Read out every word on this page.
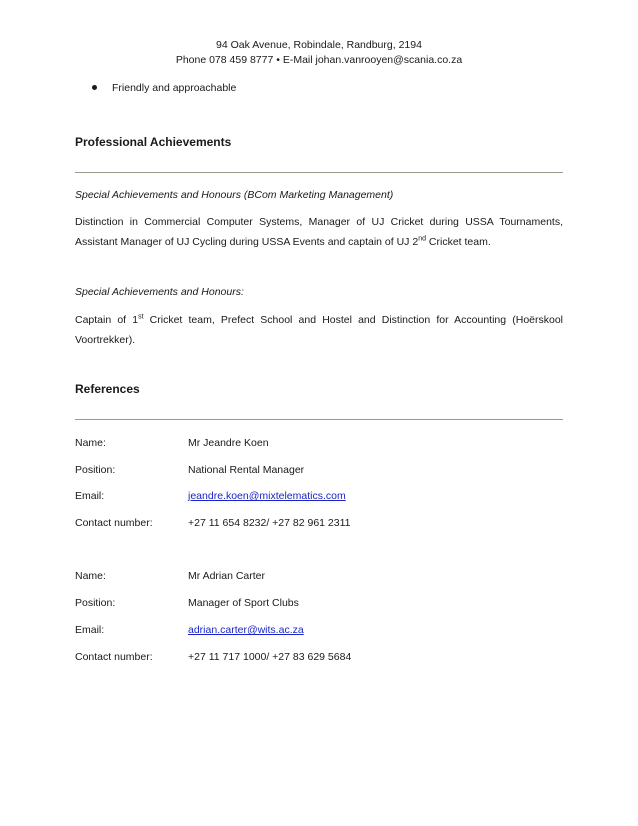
94 Oak Avenue, Robindale, Randburg, 2194
Phone 078 459 8777 • E-Mail johan.vanrooyen@scania.co.za
Friendly and approachable
Professional Achievements
Special Achievements and Honours (BCom Marketing Management)
Distinction in Commercial Computer Systems, Manager of UJ Cricket during USSA Tournaments, Assistant Manager of UJ Cycling during USSA Events and captain of UJ 2nd Cricket team.
Special Achievements and Honours:
Captain of 1st Cricket team, Prefect School and Hostel and Distinction for Accounting (Hoërskool Voortrekker).
References
Name:	Mr Jeandre Koen
Position:	National Rental Manager
Email:	jeandre.koen@mixtelematics.com
Contact number:	+27 11 654 8232/ +27 82 961 2311
Name:	Mr Adrian Carter
Position:	Manager of Sport Clubs
Email:	adrian.carter@wits.ac.za
Contact number:	+27 11 717 1000/ +27 83 629 5684
